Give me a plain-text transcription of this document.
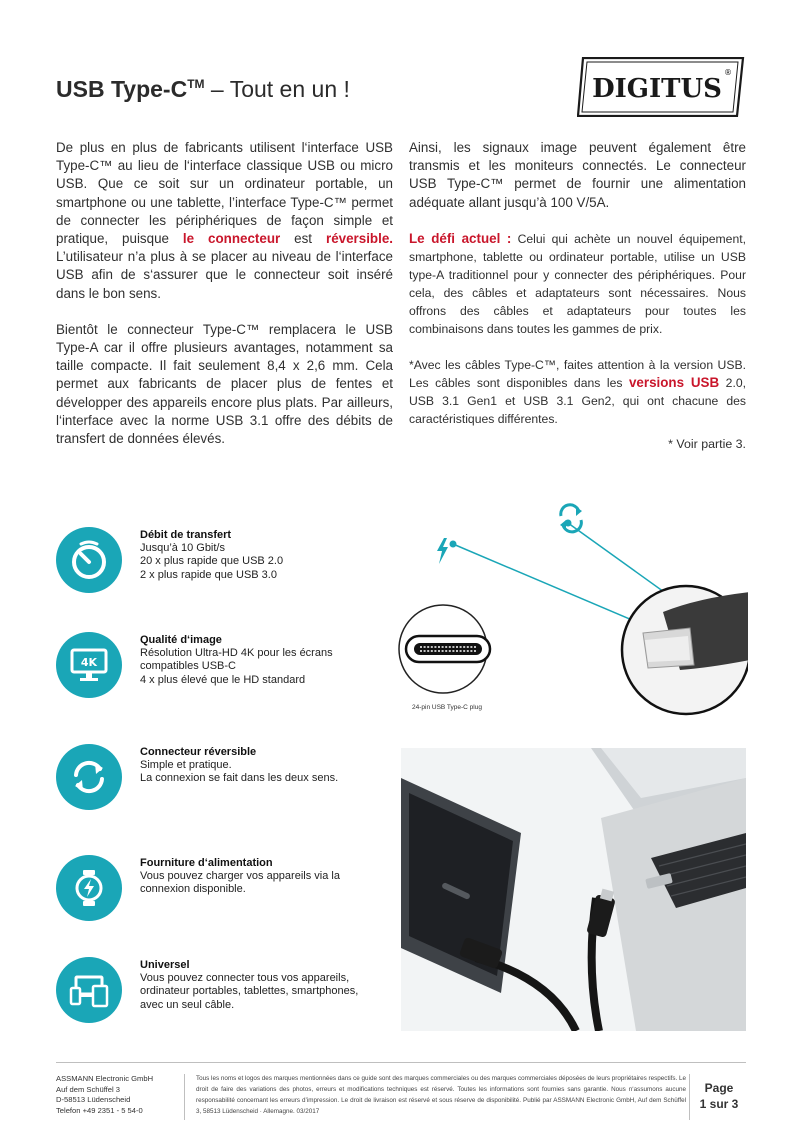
USB Type-C™ – Tout en un !	DIGITUS
®

De plus en plus de fabricants utilisent l‘interface USB Type-C™ au lieu de l‘interface classique USB ou micro USB. Que ce soit sur un ordinateur portable, un smartphone ou une tablette, l’interface Type-C™ permet de connecter les périphériques de façon simple et pratique, puisque le connecteur est réversible. L’utilisateur n’a plus à se placer au niveau de l‘interface USB afin de s‘assurer que le connecteur soit inséré dans le bon sens.

Bientôt le connecteur Type-C™ remplacera le USB Type-A car il offre plusieurs avantages, notamment sa taille compacte. Il fait seulement 8,4 x 2,6 mm. Cela permet aux fabricants de placer plus de fentes et développer des appareils encore plus plats. Par ailleurs, l‘interface avec la norme USB 3.1 offre des débits de transfert de données élevés.

Ainsi, les signaux image peuvent également être transmis et les moniteurs connectés. Le connecteur USB Type-C™ permet de fournir une alimentation adéquate allant jusqu’à 100 V/5A.

Le défi actuel : Celui qui achète un nouvel équipement, smartphone, tablette ou ordinateur portable, utilise un USB type-A traditionnel pour y connecter des périphériques. Pour cela, des câbles et adaptateurs sont nécessaires. Nous offrons des câbles et adaptateurs pour toutes les combinaisons dans toutes les gammes de prix.

*Avec les câbles Type-C™, faites attention à la version USB. Les câbles sont disponibles dans les versions USB 2.0, USB 3.1 Gen1 et USB 3.1 Gen2, qui ont chacune des caractéristiques différentes.

* Voir partie 3.
Débit de transfert
Jusqu’à 10 Gbit/s
20 x plus rapide que USB 2.0
2 x plus rapide que USB 3.0
4K
Qualité d‘image
Résolution Ultra-HD 4K pour les écrans compatibles USB-C
4 x plus élevé que le HD standard
Connecteur réversible
Simple et pratique.
La connexion se fait dans les deux sens.
Fourniture d‘alimentation
Vous pouvez charger vos appareils via la connexion disponible.
Universel
Vous pouvez connecter tous vos appareils, ordinateur portables, tablettes, smartphones, avec un seul câble.
24-pin USB Type-C plug
ASSMANN Electronic GmbH
Auf dem Schüffel 3
D-58513 Lüdenscheid
Telefon +49 2351 - 5 54-0
Tous les noms et logos des marques mentionnées dans ce guide sont des marques commerciales ou des marques commerciales déposées de leurs propriétaires respectifs. Le droit de faire des variations des photos, erreurs et modifications techniques est réservé. Toutes les informations sont fournies sans garantie. Nous n‘assumons aucune responsabilité concernant les erreurs d’impression. Le droit de livraison est réservé et sous réserve de disponibilité. Publié par ASSMANN Electronic GmbH, Auf dem Schüffel 3, 58513 Lüdenscheid · Allemagne. 03/2017
Page
1 sur 3
